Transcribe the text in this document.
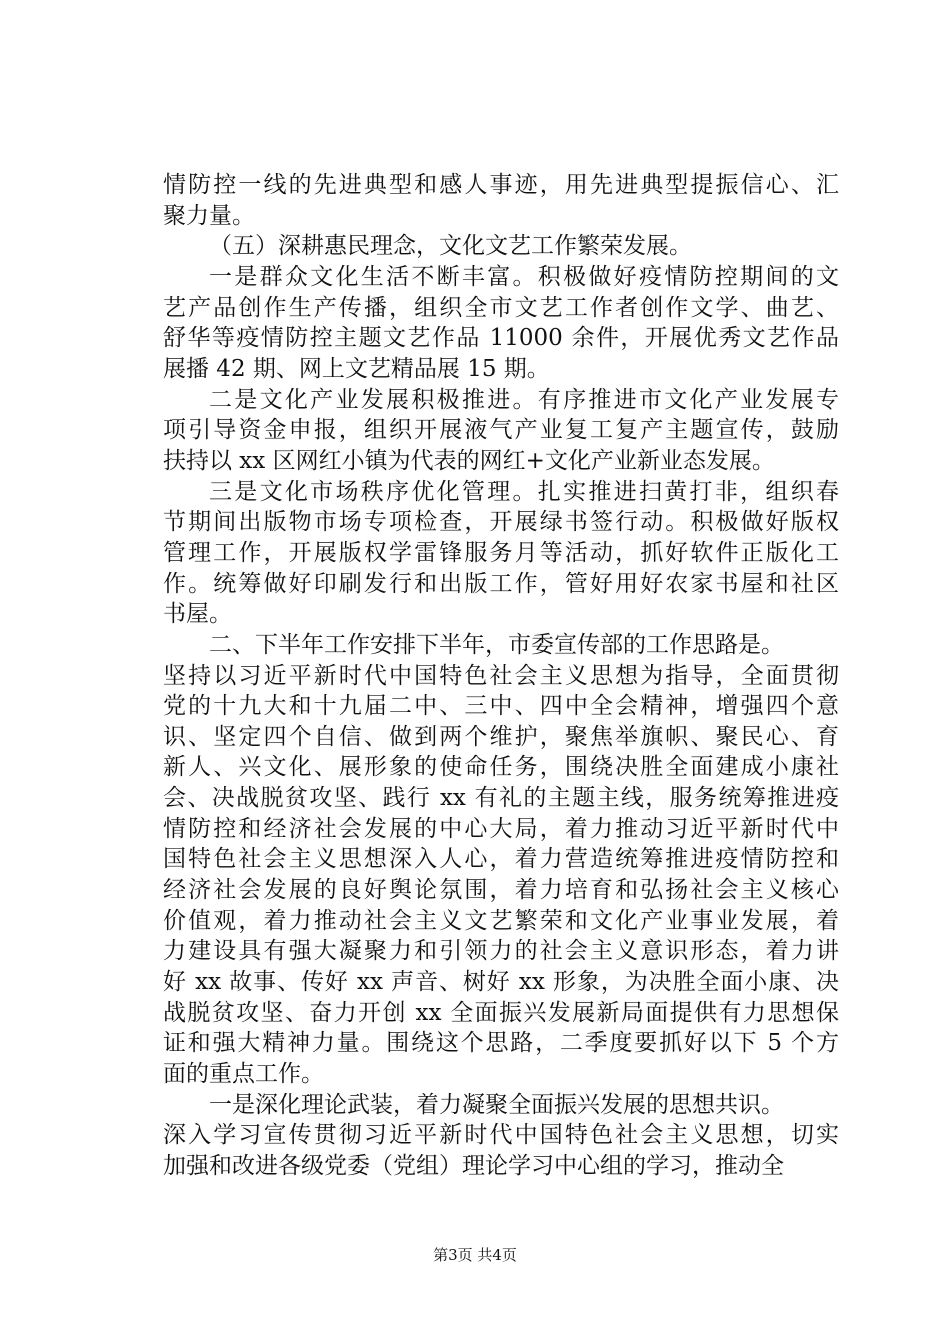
情防控一线的先进典型和感人事迹，用先进典型提振信心、汇
聚力量。
（五）深耕惠民理念，文化文艺工作繁荣发展。
一是群众文化生活不断丰富。积极做好疫情防控期间的文
艺产品创作生产传播，组织全市文艺工作者创作文学、曲艺、
舒华等疫情防控主题文艺作品 11000 余件，开展优秀文艺作品
展播 42 期、网上文艺精品展 15 期。
二是文化产业发展积极推进。有序推进市文化产业发展专
项引导资金申报，组织开展液气产业复工复产主题宣传，鼓励
扶持以 xx 区网红小镇为代表的网红+文化产业新业态发展。
三是文化市场秩序优化管理。扎实推进扫黄打非，组织春
节期间出版物市场专项检查，开展绿书签行动。积极做好版权
管理工作，开展版权学雷锋服务月等活动，抓好软件正版化工
作。统筹做好印刷发行和出版工作，管好用好农家书屋和社区
书屋。
二、下半年工作安排下半年，市委宣传部的工作思路是。
坚持以习近平新时代中国特色社会主义思想为指导，全面贯彻
党的十九大和十九届二中、三中、四中全会精神，增强四个意
识、坚定四个自信、做到两个维护，聚焦举旗帜、聚民心、育
新人、兴文化、展形象的使命任务，围绕决胜全面建成小康社
会、决战脱贫攻坚、践行 xx 有礼的主题主线，服务统筹推进疫
情防控和经济社会发展的中心大局，着力推动习近平新时代中
国特色社会主义思想深入人心，着力营造统筹推进疫情防控和
经济社会发展的良好舆论氛围，着力培育和弘扬社会主义核心
价值观，着力推动社会主义文艺繁荣和文化产业事业发展，着
力建设具有强大凝聚力和引领力的社会主义意识形态，着力讲
好 xx 故事、传好 xx 声音、树好 xx 形象，为决胜全面小康、决
战脱贫攻坚、奋力开创 xx 全面振兴发展新局面提供有力思想保
证和强大精神力量。围绕这个思路，二季度要抓好以下 5 个方
面的重点工作。
一是深化理论武装，着力凝聚全面振兴发展的思想共识。
深入学习宣传贯彻习近平新时代中国特色社会主义思想，切实
加强和改进各级党委（党组）理论学习中心组的学习，推动全
第3页 共4页
